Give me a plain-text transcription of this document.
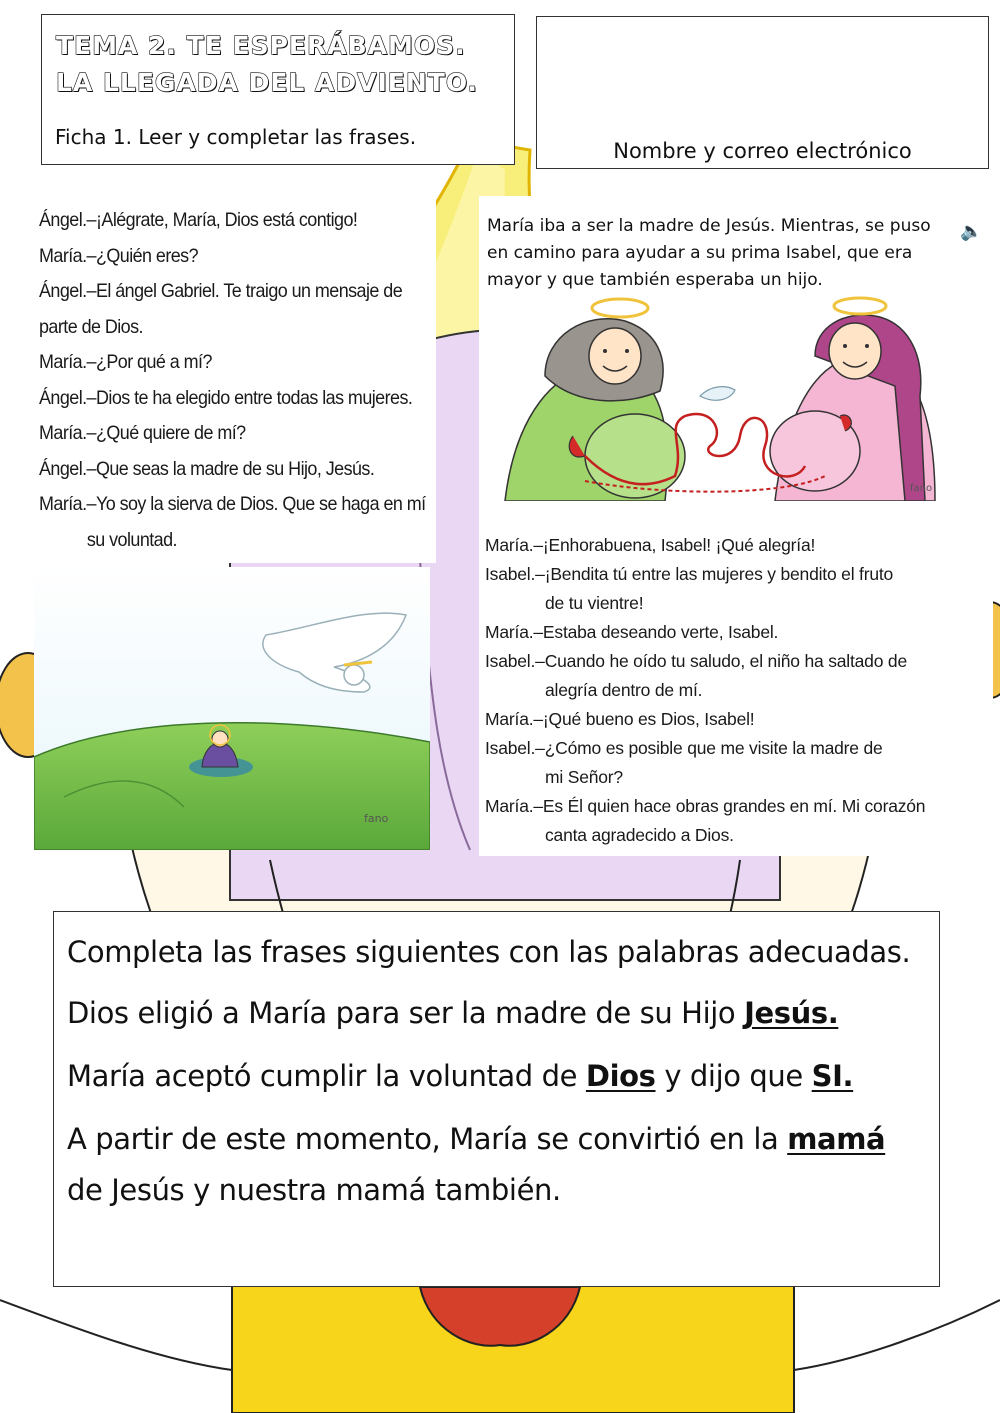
TEMA 2. TE ESPERÁBAMOS. LA LLEGADA DEL ADVIENTO.
Ficha 1. Leer y completar las frases.
Nombre y correo electrónico
Ángel.–¡Alégrate, María, Dios está contigo!
María.–¿Quién eres?
Ángel.–El ángel Gabriel. Te traigo un mensaje de
parte de Dios.
María.–¿Por qué a mí?
Ángel.–Dios te ha elegido entre todas las mujeres.
María.–¿Qué quiere de mí?
Ángel.–Que seas la madre de su Hijo, Jesús.
María.–Yo soy la sierva de Dios. Que se haga en mí
su voluntad.
fano
María iba a ser la madre de Jesús. Mientras, se puso en camino para ayudar a su prima Isabel, que era mayor y que también esperaba un hijo.
🔈
fano
María.–¡Enhorabuena, Isabel! ¡Qué alegría!
Isabel.–¡Bendita tú entre las mujeres y bendito el fruto
de tu vientre!
María.–Estaba deseando verte, Isabel.
Isabel.–Cuando he oído tu saludo, el niño ha saltado de
alegría dentro de mí.
María.–¡Qué bueno es Dios, Isabel!
Isabel.–¿Cómo es posible que me visite la madre de
mi Señor?
María.–Es Él quien hace obras grandes en mí. Mi corazón
canta agradecido a Dios.

Completa las frases siguientes con las palabras adecuadas.

Dios eligió a María para ser la madre de su Hijo Jesús.

María aceptó cumplir la voluntad de Dios y dijo que SI.

A partir de este momento, María se convirtió en la mamá de Jesús y nuestra mamá también.
